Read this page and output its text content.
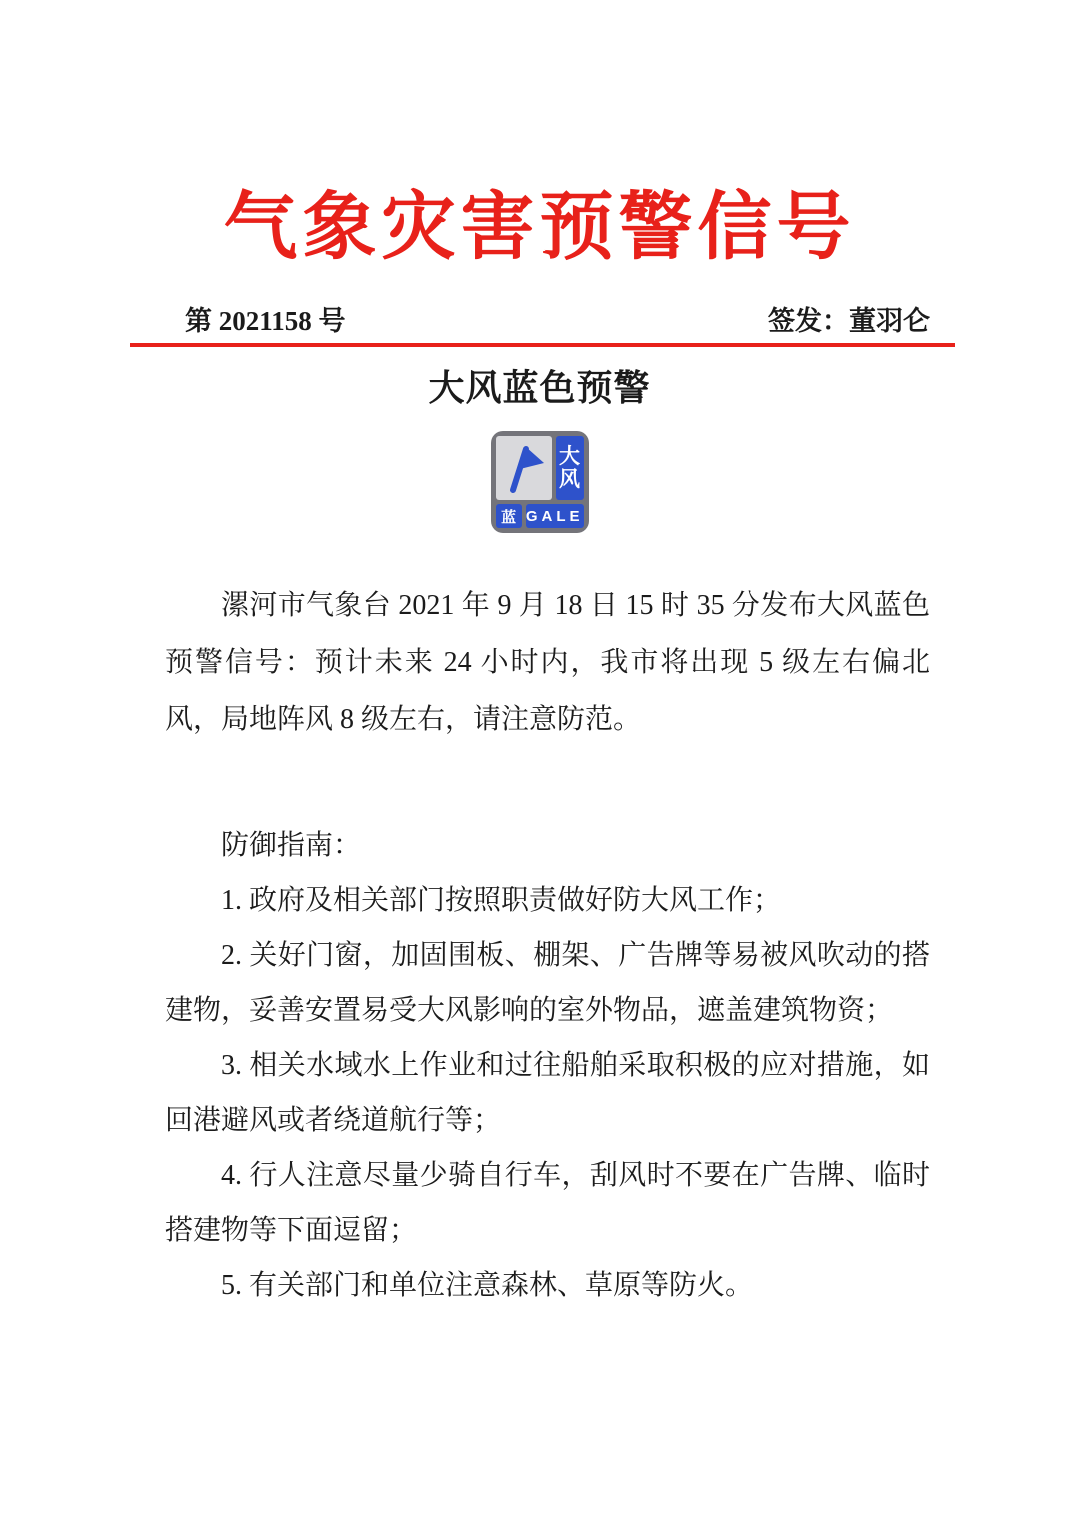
气象灾害预警信号
第 2021158 号	签发：董羽仑
大风蓝色预警
大
风
蓝 GALE

漯河市气象台 2021 年 9 月 18 日 15 时 35 分发布大风蓝色预警信号：预计未来 24 小时内，我市将出现 5 级左右偏北风，局地阵风 8 级左右，请注意防范。

防御指南：

1. 政府及相关部门按照职责做好防大风工作；

2. 关好门窗，加固围板、棚架、广告牌等易被风吹动的搭建物，妥善安置易受大风影响的室外物品，遮盖建筑物资；

3. 相关水域水上作业和过往船舶采取积极的应对措施，如回港避风或者绕道航行等；

4. 行人注意尽量少骑自行车，刮风时不要在广告牌、临时搭建物等下面逗留；

5. 有关部门和单位注意森林、草原等防火。
